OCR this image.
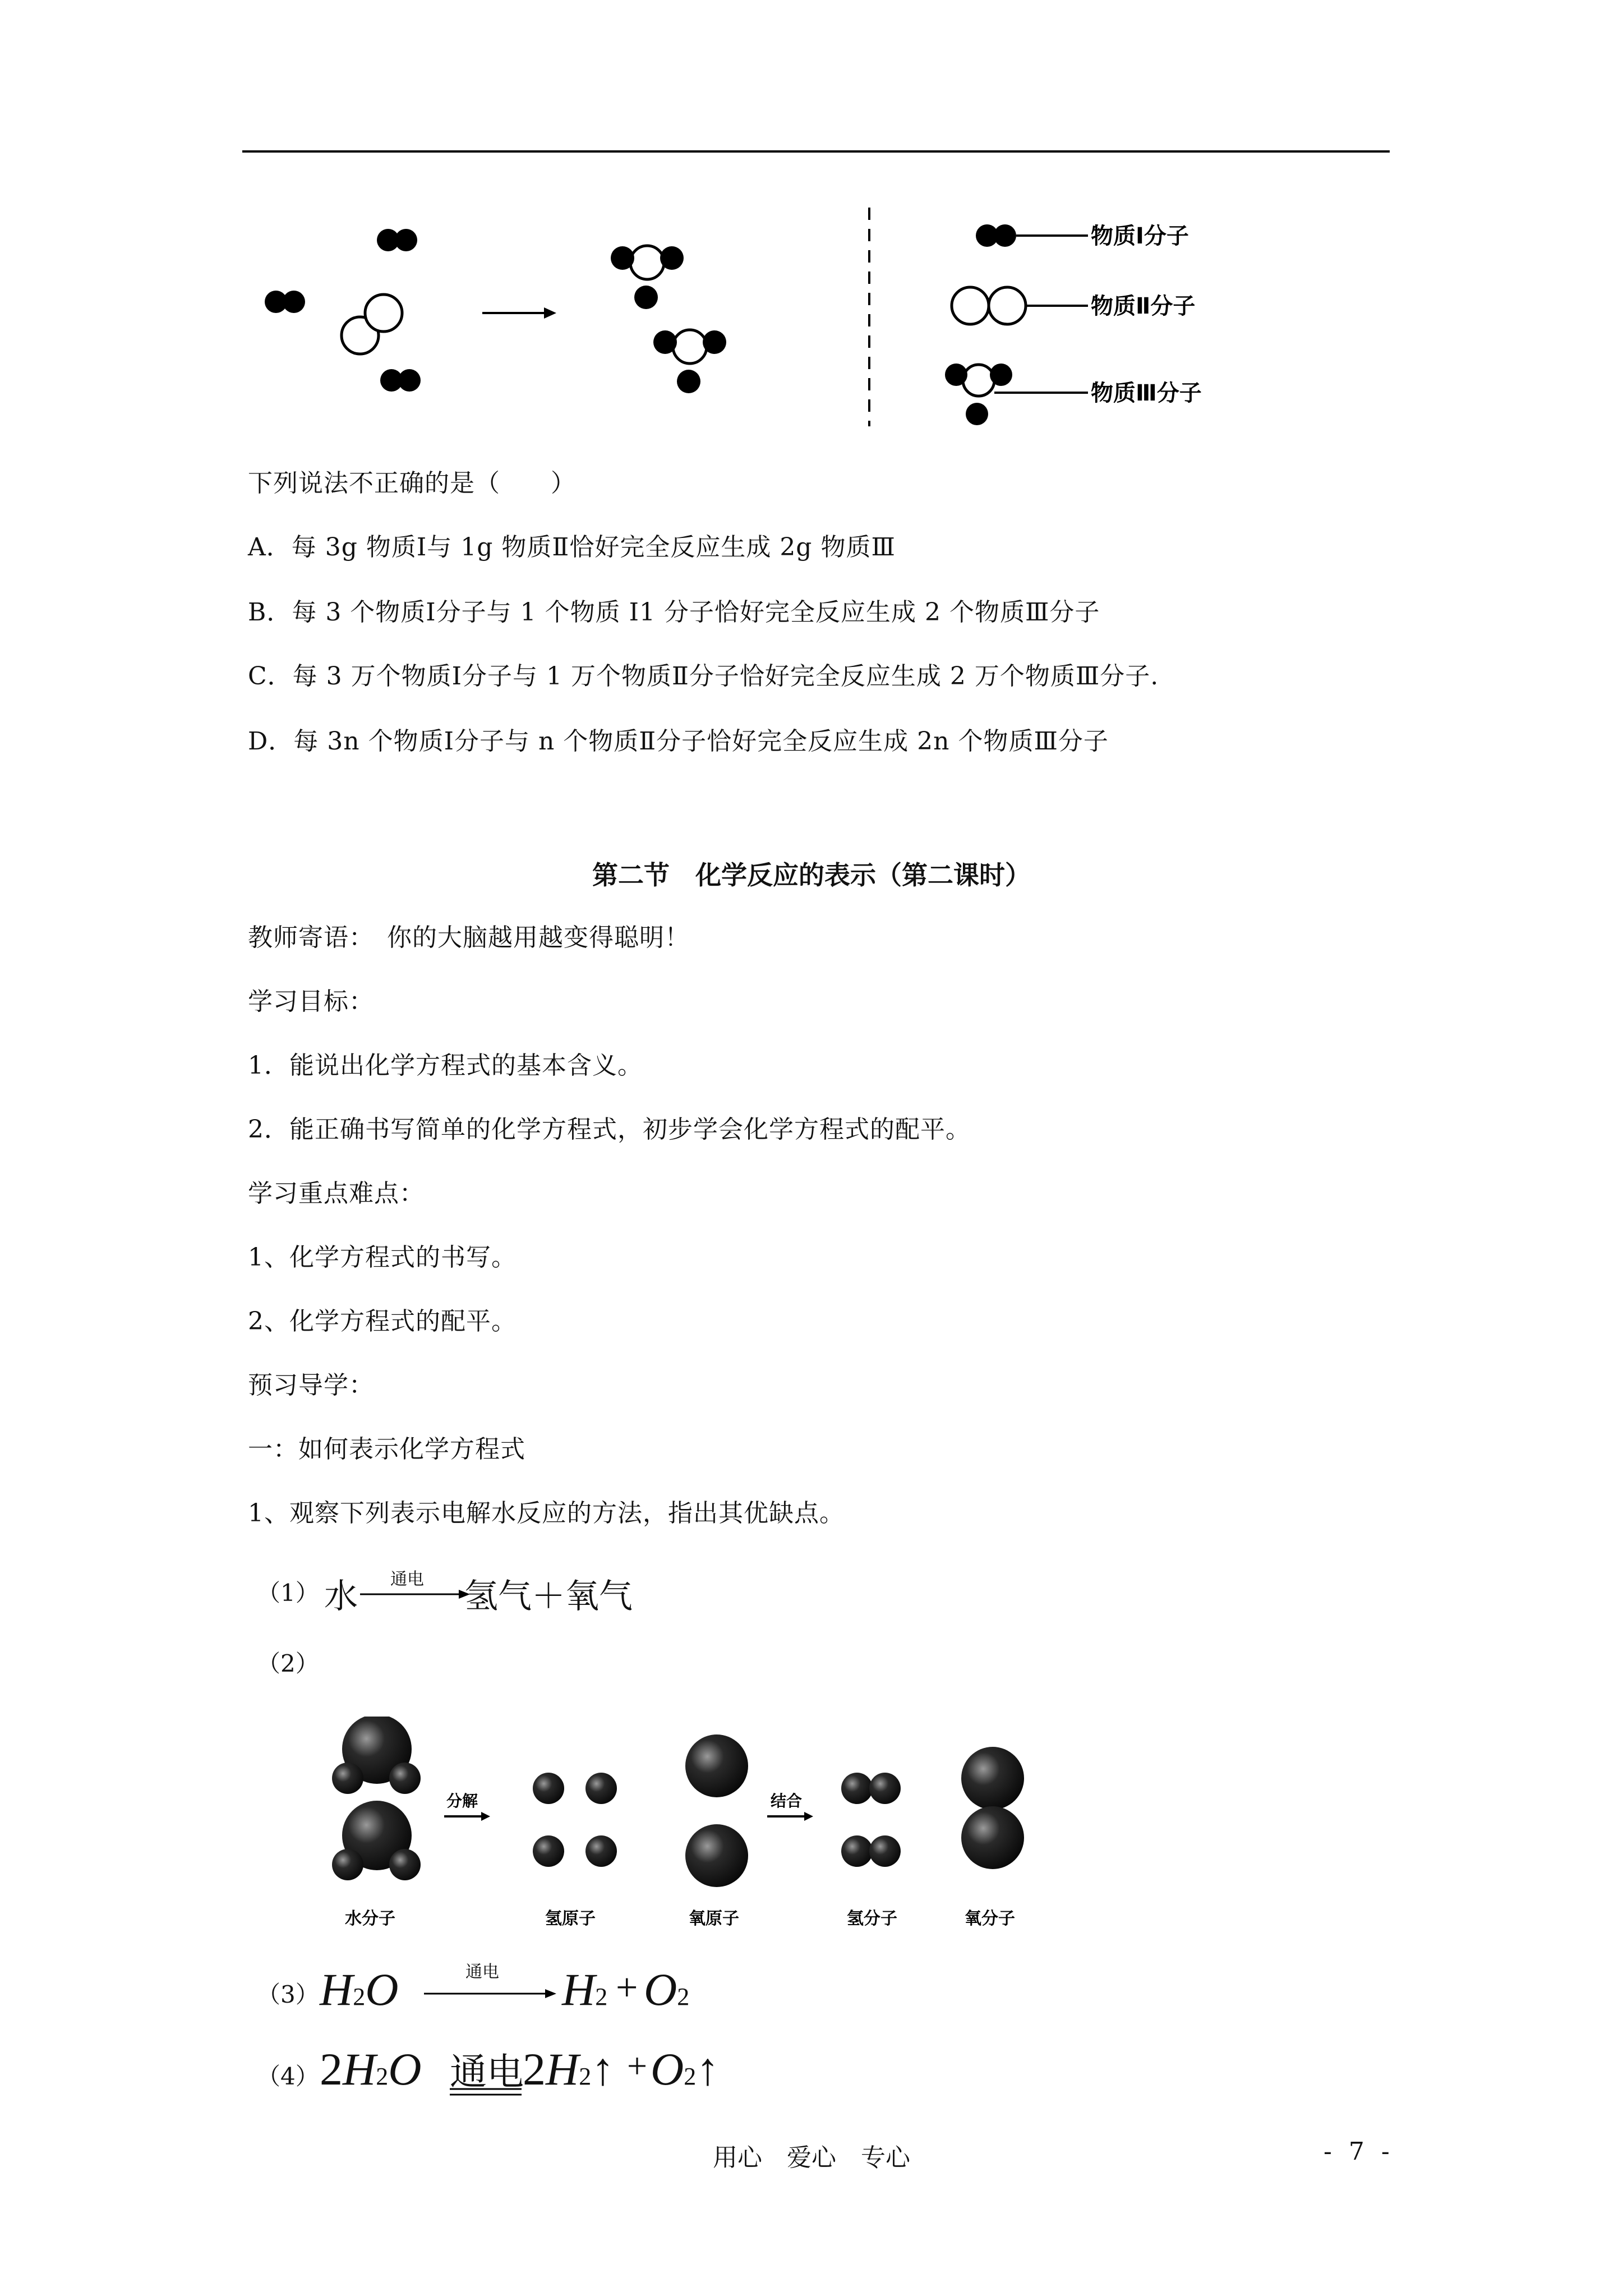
物质Ⅰ分子
物质Ⅱ分子
物质Ⅲ分子
下列说法不正确的是（　　）
A．每 3g 物质Ⅰ与 1g 物质Ⅱ恰好完全反应生成 2g 物质Ⅲ
B．每 3 个物质Ⅰ分子与 1 个物质 I1 分子恰好完全反应生成 2 个物质Ⅲ分子
C．每 3 万个物质Ⅰ分子与 1 万个物质Ⅱ分子恰好完全反应生成 2 万个物质Ⅲ分子.
D．每 3n 个物质Ⅰ分子与 n 个物质Ⅱ分子恰好完全反应生成 2n 个物质Ⅲ分子
第二节　化学反应的表示（第二课时）
教师寄语：　你的大脑越用越变得聪明！
学习目标：
1．能说出化学方程式的基本含义。
2．能正确书写简单的化学方程式，初步学会化学方程式的配平。
学习重点难点：
1、化学方程式的书写。
2、化学方程式的配平。
预习导学：
一：如何表示化学方程式
1、观察下列表示电解水反应的方法，指出其优缺点。
（1） 水 通电 氢气＋氧气
（2）
分解	结合
水分子	氢原子	氧原子	氢分子	氧分子
（3） H2O	通电 H2 + O2
（4） 2H2O 通电
2H2↑ + O2↑
用心　爱心　专心	- 7 -
